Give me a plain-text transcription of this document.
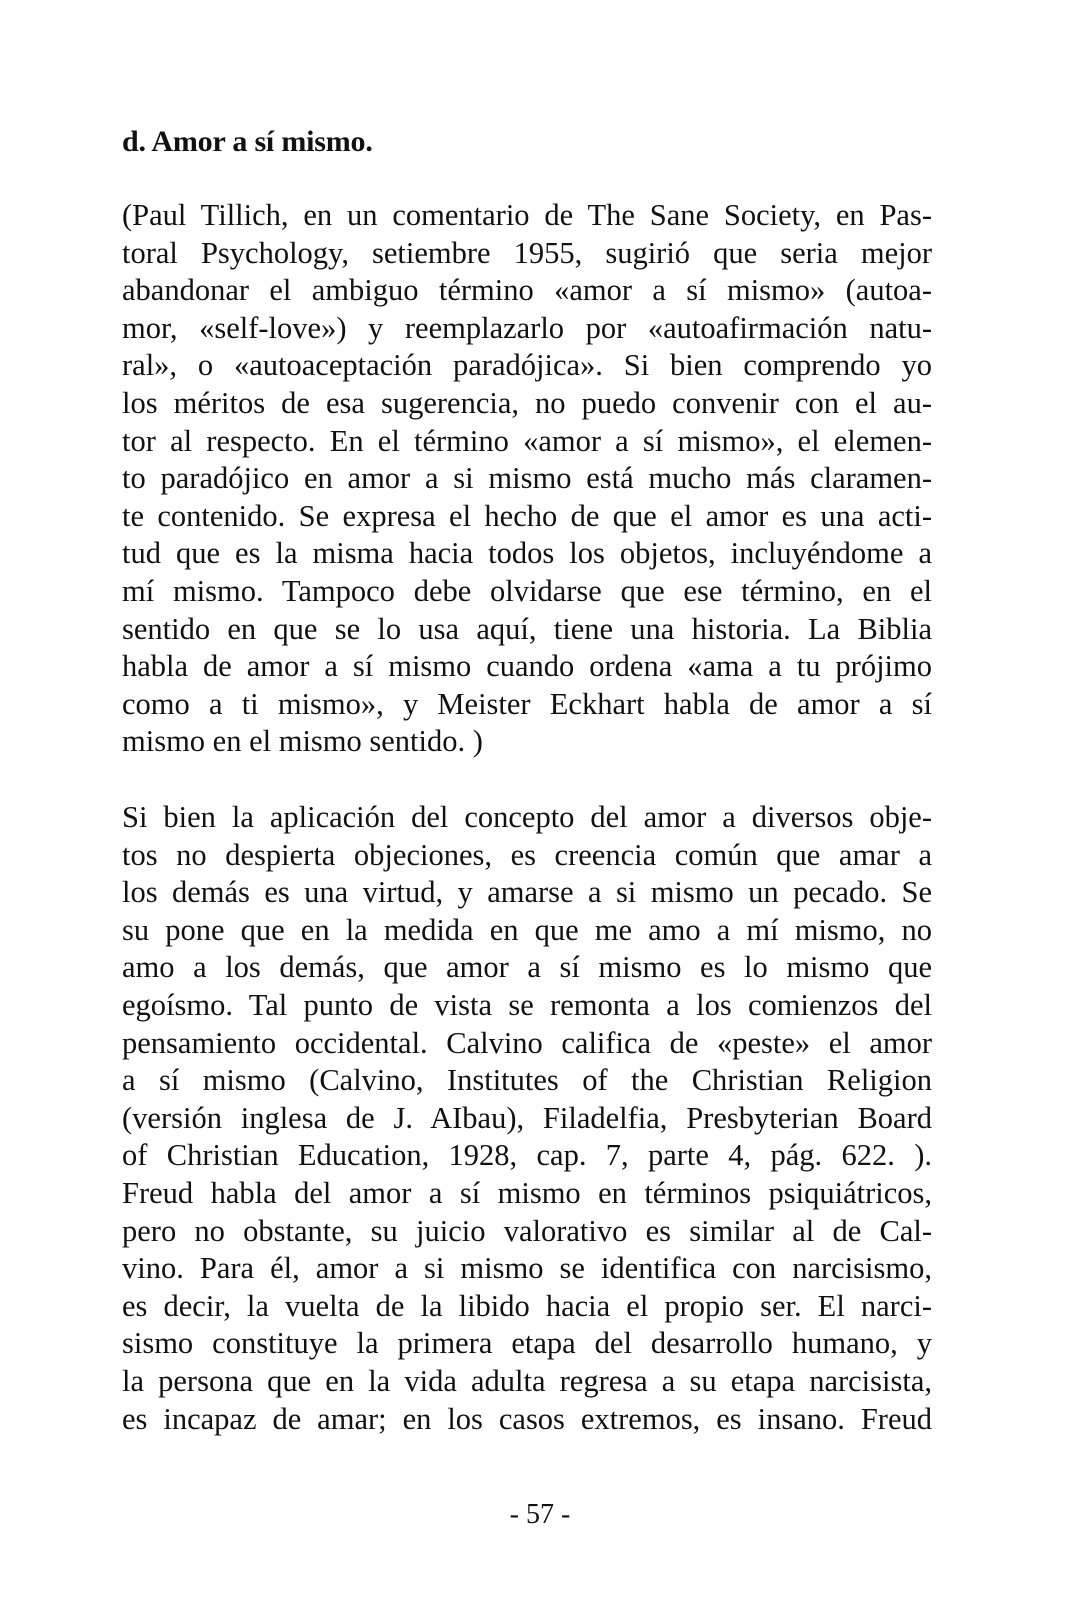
d. Amor a sí mismo.
(Paul Tillich, en un comentario de The Sane Society, en Pas-
toral Psychology, setiembre 1955, sugirió que seria mejor
abandonar el ambiguo término «amor a sí mismo» (autoa-
mor, «self-love») y reemplazarlo por «autoafirmación natu-
ral», o «autoaceptación paradójica». Si bien comprendo yo
los méritos de esa sugerencia, no puedo convenir con el au-
tor al respecto. En el término «amor a sí mismo», el elemen-
to paradójico en amor a si mismo está mucho más claramen-
te contenido. Se expresa el hecho de que el amor es una acti-
tud que es la misma hacia todos los objetos, incluyéndome a
mí mismo. Tampoco debe olvidarse que ese término, en el
sentido en que se lo usa aquí, tiene una historia. La Biblia
habla de amor a sí mismo cuando ordena «ama a tu prójimo
como a ti mismo», y Meister Eckhart habla de amor a sí
mismo en el mismo sentido. )
Si bien la aplicación del concepto del amor a diversos obje-
tos no despierta objeciones, es creencia común que amar a
los demás es una virtud, y amarse a si mismo un pecado. Se
su pone que en la medida en que me amo a mí mismo, no
amo a los demás, que amor a sí mismo es lo mismo que
egoísmo. Tal punto de vista se remonta a los comienzos del
pensamiento occidental. Calvino califica de «peste» el amor
a sí mismo (Calvino, Institutes of the Christian Religion
(versión inglesa de J. AIbau), Filadelfia, Presbyterian Board
of Christian Education, 1928, cap. 7, parte 4, pág. 622. ).
Freud habla del amor a sí mismo en términos psiquiátricos,
pero no obstante, su juicio valorativo es similar al de Cal-
vino. Para él, amor a si mismo se identifica con narcisismo,
es decir, la vuelta de la libido hacia el propio ser. El narci-
sismo constituye la primera etapa del desarrollo humano, y
la persona que en la vida adulta regresa a su etapa narcisista,
es incapaz de amar; en los casos extremos, es insano. Freud
- 57 -
